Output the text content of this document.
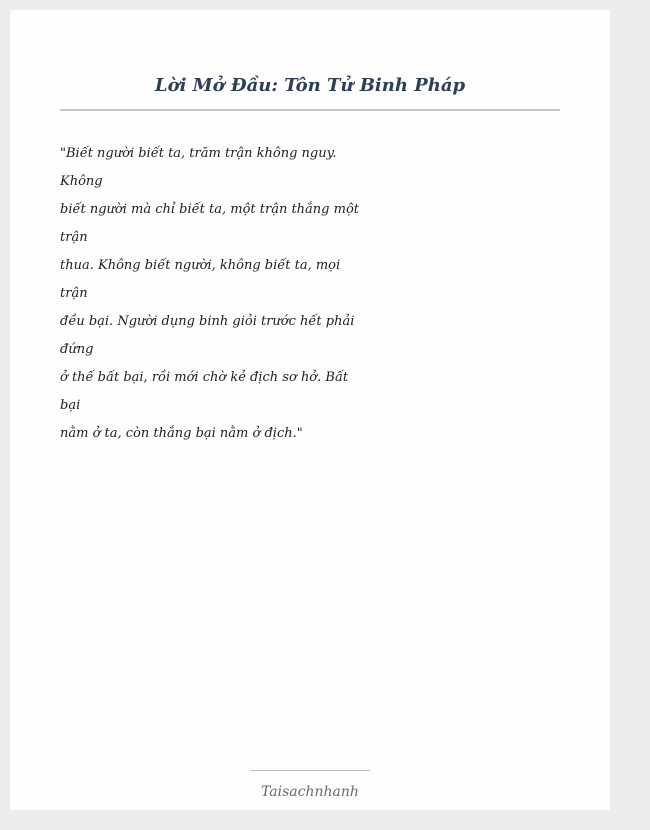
Lời Mở Đầu: Tôn Tử Binh Pháp
"Biết người biết ta, trăm trận không nguy.
Không
biết người mà chỉ biết ta, một trận thắng một
trận
thua. Không biết người, không biết ta, mọi
trận
đều bại. Người dụng binh giỏi trước hết phải
đứng
ở thế bất bại, rồi mới chờ kẻ địch sơ hở. Bất
bại
nằm ở ta, còn thắng bại nằm ở địch."
Taisachnhanh
